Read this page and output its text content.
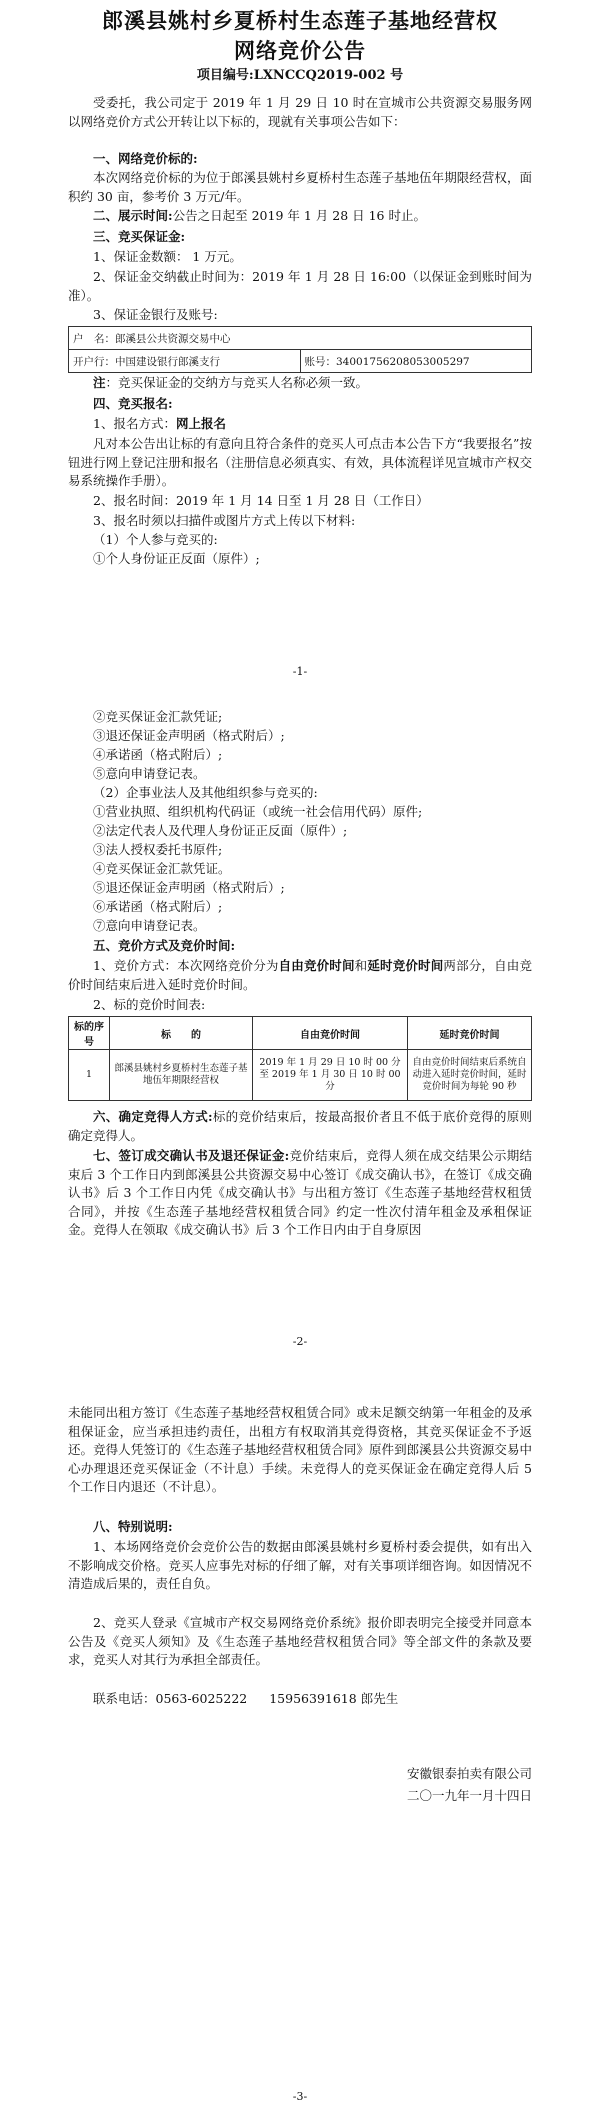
郎溪县姚村乡夏桥村生态莲子基地经营权

网络竞价公告

项目编号:LXNCCQ2019-002 号

受委托，我公司定于 2019 年 1 月 29 日 10 时在宣城市公共资源交易服务网以网络竞价方式公开转让以下标的，现就有关事项公告如下：

一、网络竞价标的:

本次网络竞价标的为位于郎溪县姚村乡夏桥村生态莲子基地伍年期限经营权，面积约 30 亩，参考价 3 万元/年。

二、展示时间:公告之日起至 2019 年 1 月 28 日 16 时止。

三、竞买保证金:

1、保证金数额： 1 万元。

2、保证金交纳截止时间为：2019 年 1 月 28 日 16:00（以保证金到账时间为准）。

3、保证金银行及账号:

户　名：郎溪县公共资源交易中心
开户行：中国建设银行郎溪支行	账号：34001756208053005297

注：竞买保证金的交纳方与竞买人名称必须一致。

四、竞买报名:

1、报名方式：网上报名

凡对本公告出让标的有意向且符合条件的竞买人可点击本公告下方“我要报名”按钮进行网上登记注册和报名（注册信息必须真实、有效，具体流程详见宣城市产权交易系统操作手册）。

2、报名时间：2019 年 1 月 14 日至 1 月 28 日（工作日）

3、报名时须以扫描件或图片方式上传以下材料:

（1）个人参与竞买的:

①个人身份证正反面（原件）;

-1-

②竞买保证金汇款凭证;

③退还保证金声明函（格式附后）;

④承诺函（格式附后）;

⑤意向申请登记表。

（2）企事业法人及其他组织参与竞买的:

①营业执照、组织机构代码证（或统一社会信用代码）原件;

②法定代表人及代理人身份证正反面（原件）;

③法人授权委托书原件;

④竞买保证金汇款凭证。

⑤退还保证金声明函（格式附后）;

⑥承诺函（格式附后）;

⑦意向申请登记表。

五、竞价方式及竞价时间:

1、竞价方式：本次网络竞价分为自由竞价时间和延时竞价时间两部分，自由竞价时间结束后进入延时竞价时间。

2、标的竞价时间表:

标的序号	标　　的	自由竞价时间	延时竞价时间
1	郎溪县姚村乡夏桥村生态莲子基地伍年期限经营权	2019 年 1 月 29 日 10 时 00 分至 2019 年 1 月 30 日 10 时 00 分	自由竞价时间结束后系统自动进入延时竞价时间，延时竞价时间为每轮 90 秒

六、确定竞得人方式:标的竞价结束后，按最高报价者且不低于底价竞得的原则确定竞得人。

七、签订成交确认书及退还保证金:竞价结束后，竞得人须在成交结果公示期结束后 3 个工作日内到郎溪县公共资源交易中心签订《成交确认书》，在签订《成交确认书》后 3 个工作日内凭《成交确认书》与出租方签订《生态莲子基地经营权租赁合同》，并按《生态莲子基地经营权租赁合同》约定一性次付清年租金及承租保证金。竞得人在领取《成交确认书》后 3 个工作日内由于自身原因

-2-

未能同出租方签订《生态莲子基地经营权租赁合同》或未足额交纳第一年租金的及承租保证金，应当承担违约责任，出租方有权取消其竞得资格，其竞买保证金不予返还。竞得人凭签订的《生态莲子基地经营权租赁合同》原件到郎溪县公共资源交易中心办理退还竞买保证金（不计息）手续。未竞得人的竞买保证金在确定竞得人后 5 个工作日内退还（不计息）。

八、特别说明:

1、本场网络竞价会竞价公告的数据由郎溪县姚村乡夏桥村委会提供，如有出入不影响成交价格。竞买人应事先对标的仔细了解，对有关事项详细咨询。如因情况不清造成后果的，责任自负。

2、竞买人登录《宣城市产权交易网络竞价系统》报价即表明完全接受并同意本公告及《竞买人须知》及《生态莲子基地经营权租赁合同》等全部文件的条款及要求，竞买人对其行为承担全部责任。

联系电话：0563-6025222 15956391618 郎先生

安徽银泰拍卖有限公司
二〇一九年一月十四日
-3-
